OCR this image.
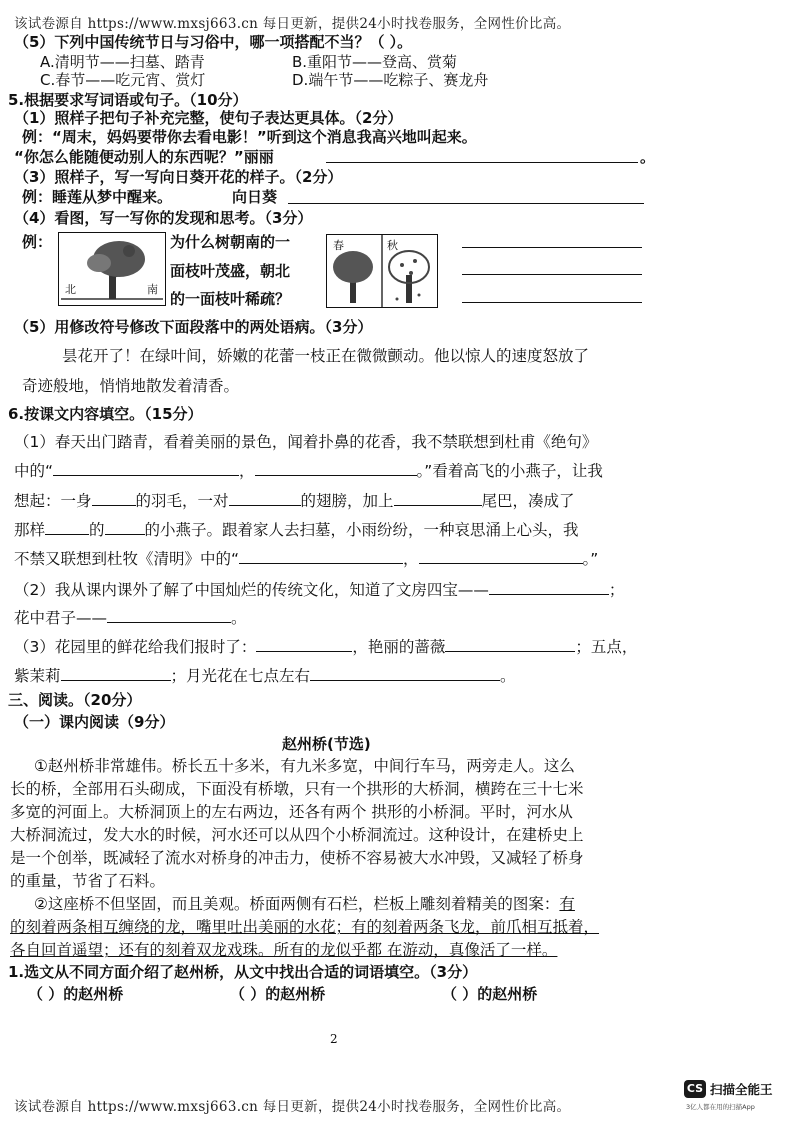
该试卷源自 https://www.mxsj663.cn 每日更新，提供24小时找卷服务，全网性价比高。
（5）下列中国传统节日与习俗中，哪一项搭配不当？（ ）。
A.清明节——扫墓、踏青	B.重阳节——登高、赏菊
C.春节——吃元宵、赏灯	D.端午节——吃粽子、赛龙舟
5.根据要求写词语或句子。（10分）
（1）照样子把句子补充完整，使句子表达更具体。（2分）
例：“周末，妈妈要带你去看电影！”听到这个消息我高兴地叫起来。
“你怎么能随便动别人的东西呢？”丽丽	。
（3）照样子，写一写向日葵开花的样子。（2分）
例：睡莲从梦中醒来。	向日葵
（4）看图，写一写你的发现和思考。（3分）
例：
北	南
为什么树朝南的一
面枝叶茂盛，朝北
的一面枝叶稀疏？
春	秋
（5）用修改符号修改下面段落中的两处语病。（3分）
昙花开了！在绿叶间，娇嫩的花蕾一枝正在微微颤动。他以惊人的速度怒放了
奇迹般地，悄悄地散发着清香。
6.按课文内容填空。（15分）
（1）春天出门踏青，看着美丽的景色，闻着扑鼻的花香，我不禁联想到杜甫《绝句》
中的“	，	。”看着高飞的小燕子，让我
想起：一身	的羽毛，一对	的翅膀，加上	尾巴，凑成了
那样	的	的小燕子。跟着家人去扫墓，小雨纷纷，一种哀思涌上心头，我
不禁又联想到杜牧《清明》中的“	，	。”
（2）我从课内课外了解了中国灿烂的传统文化，知道了文房四宝——	；
花中君子——	。
（3）花园里的鲜花给我们报时了：	，艳丽的蔷薇	；五点，
紫茉莉	；月光花在七点左右	。
三、阅读。（20分）
（一）课内阅读（9分）
赵州桥(节选)
①赵州桥非常雄伟。桥长五十多米，有九米多宽，中间行车马，两旁走人。这么
长的桥，全部用石头砌成，下面没有桥墩，只有一个拱形的大桥洞，横跨在三十七米
多宽的河面上。大桥洞顶上的左右两边，还各有两个 拱形的小桥洞。平时，河水从
大桥洞流过，发大水的时候，河水还可以从四个小桥洞流过。这种设计，在建桥史上
是一个创举，既减轻了流水对桥身的冲击力，使桥不容易被大水冲毁，又减轻了桥身
的重量，节省了石料。
②这座桥不但坚固，而且美观。桥面两侧有石栏，栏板上雕刻着精美的图案：有
的刻着两条相互缠绕的龙，嘴里吐出美丽的水花；有的刻着两条飞龙，前爪相互抵着，
各自回首遥望；还有的刻着双龙戏珠。所有的龙似乎都 在游动，真像活了一样。
1.选文从不同方面介绍了赵州桥，从文中找出合适的词语填空。（3分）
（ ）的赵州桥	（ ）的赵州桥	（ ）的赵州桥
2
该试卷源自 https://www.mxsj663.cn 每日更新，提供24小时找卷服务，全网性价比高。
CS 扫描全能王
3亿人都在用的扫描App
